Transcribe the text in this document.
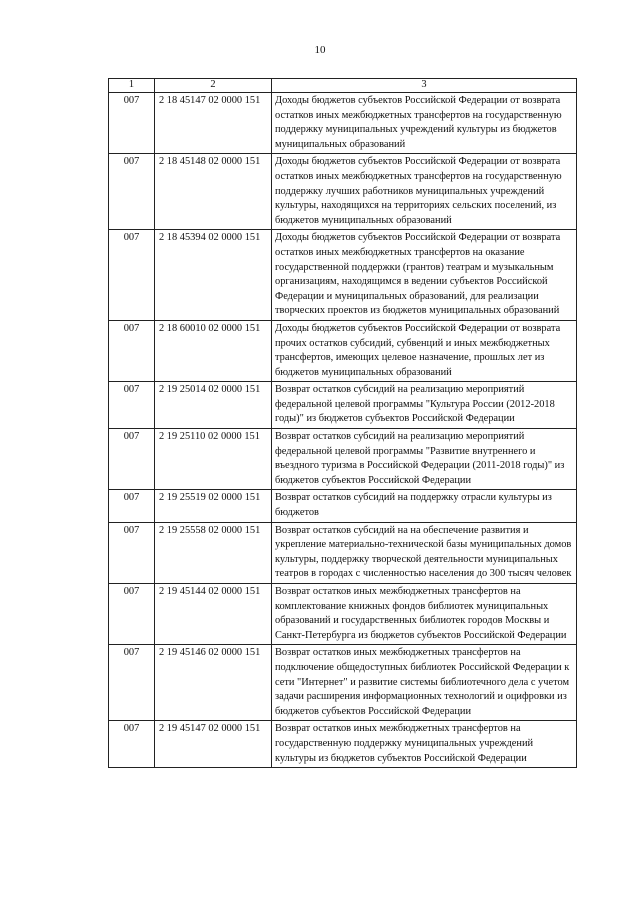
10
1	2	3
007	2 18 45147 02 0000 151	Доходы бюджетов субъектов Российской Федерации от возврата остатков иных межбюджетных трансфертов на государственную поддержку муниципальных учреждений культуры из бюджетов муниципальных образований
007	2 18 45148 02 0000 151	Доходы бюджетов субъектов Российской Федерации от возврата остатков иных межбюджетных трансфертов на государственную поддержку лучших работников муниципальных учреждений культуры, находящихся на территориях сельских поселений, из бюджетов муниципальных образований
007	2 18 45394 02 0000 151	Доходы бюджетов субъектов Российской Федерации от возврата остатков иных межбюджетных трансфертов на оказание государственной поддержки (грантов) театрам и музыкальным организациям, находящимся в ведении субъектов Российской Федерации и муниципальных образований, для реализации творческих проектов из бюджетов муниципальных образований
007	2 18 60010 02 0000 151	Доходы бюджетов субъектов Российской Федерации от возврата прочих остатков субсидий, субвенций и иных межбюджетных трансфертов, имеющих целевое назначение, прошлых лет из бюджетов муниципальных образований
007	2 19 25014 02 0000 151	Возврат остатков субсидий на реализацию мероприятий федеральной целевой программы "Культура России (2012-2018 годы)" из бюджетов субъектов Российской Федерации
007	2 19 25110 02 0000 151	Возврат остатков субсидий на реализацию мероприятий федеральной целевой программы "Развитие внутреннего и въездного туризма в Российской Федерации (2011-2018 годы)" из бюджетов субъектов Российской Федерации
007	2 19 25519 02 0000 151	Возврат остатков субсидий на поддержку отрасли культуры из бюджетов
007	2 19 25558 02 0000 151	Возврат остатков субсидий на на обеспечение развития и укрепление материально-технической базы муниципальных домов культуры, поддержку творческой деятельности муниципальных театров в городах с численностью населения до 300 тысяч человек
007	2 19 45144 02 0000 151	Возврат остатков иных межбюджетных трансфертов на комплектование книжных фондов библиотек муниципальных образований и государственных библиотек городов Москвы и Санкт-Петербурга из бюджетов субъектов Российской Федерации
007	2 19 45146 02 0000 151	Возврат остатков иных межбюджетных трансфертов на подключение общедоступных библиотек Российской Федерации к сети "Интернет" и развитие системы библиотечного дела с учетом задачи расширения информационных технологий и оцифровки из бюджетов субъектов Российской Федерации
007	2 19 45147 02 0000 151	Возврат остатков иных межбюджетных трансфертов на государственную поддержку муниципальных учреждений культуры из бюджетов субъектов Российской Федерации
